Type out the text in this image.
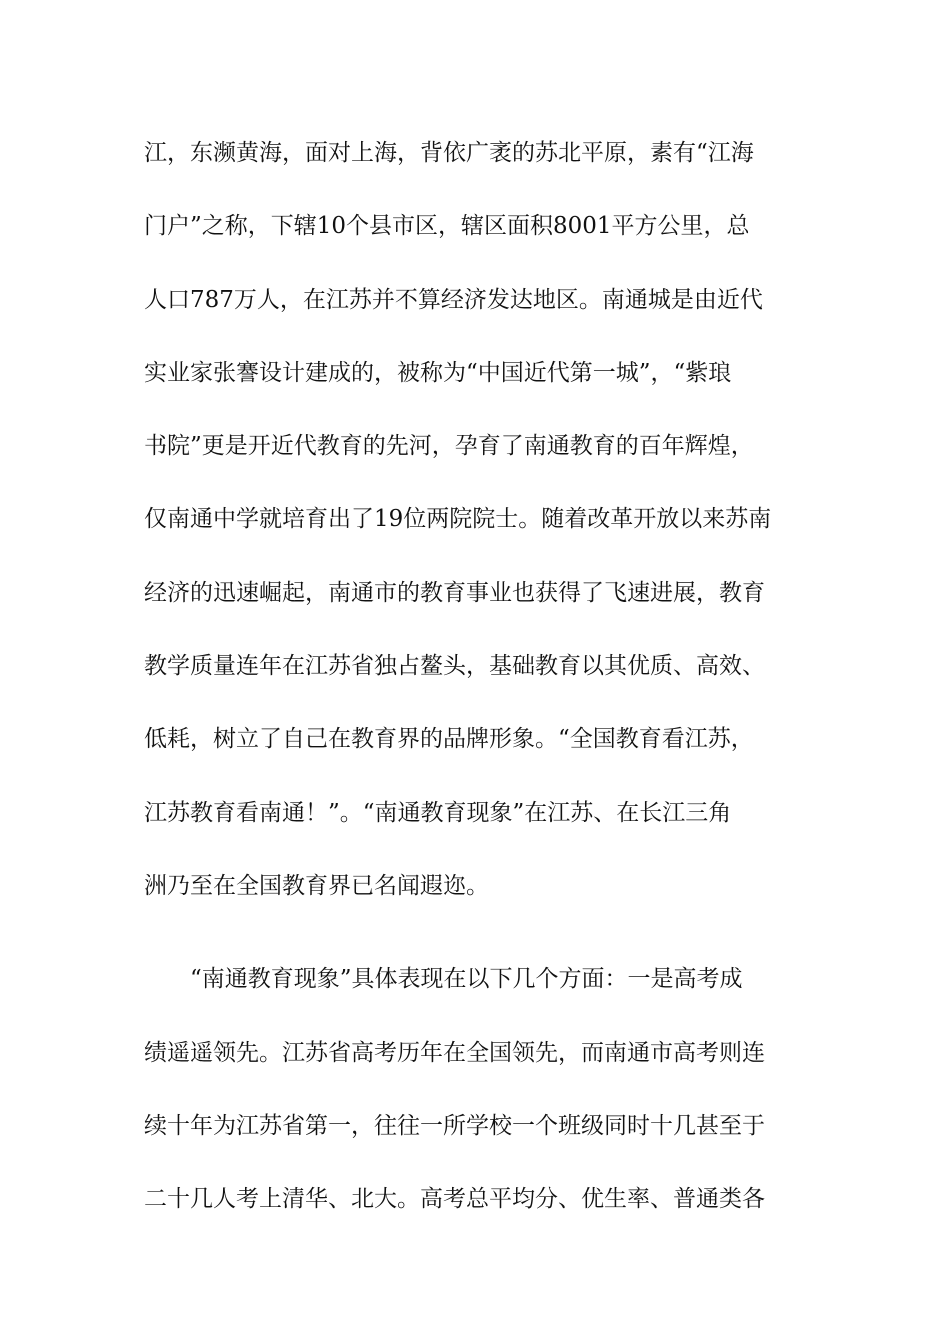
江，东濒黄海，面对上海，背依广袤的苏北平原，素有“江海
门户”之称，下辖10个县市区，辖区面积8001平方公里，总
人口787万人，在江苏并不算经济发达地区。南通城是由近代
实业家张謇设计建成的，被称为“中国近代第一城”，“紫琅
书院”更是开近代教育的先河，孕育了南通教育的百年辉煌，
仅南通中学就培育出了19位两院院士。随着改革开放以来苏南
经济的迅速崛起，南通市的教育事业也获得了飞速进展，教育
教学质量连年在江苏省独占鳌头，基础教育以其优质、高效、
低耗，树立了自己在教育界的品牌形象。“全国教育看江苏，
江苏教育看南通！”。“南通教育现象”在江苏、在长江三角
洲乃至在全国教育界已名闻遐迩。
“南通教育现象”具体表现在以下几个方面：一是高考成
绩遥遥领先。江苏省高考历年在全国领先，而南通市高考则连
续十年为江苏省第一，往往一所学校一个班级同时十几甚至于
二十几人考上清华、北大。高考总平均分、优生率、普通类各
